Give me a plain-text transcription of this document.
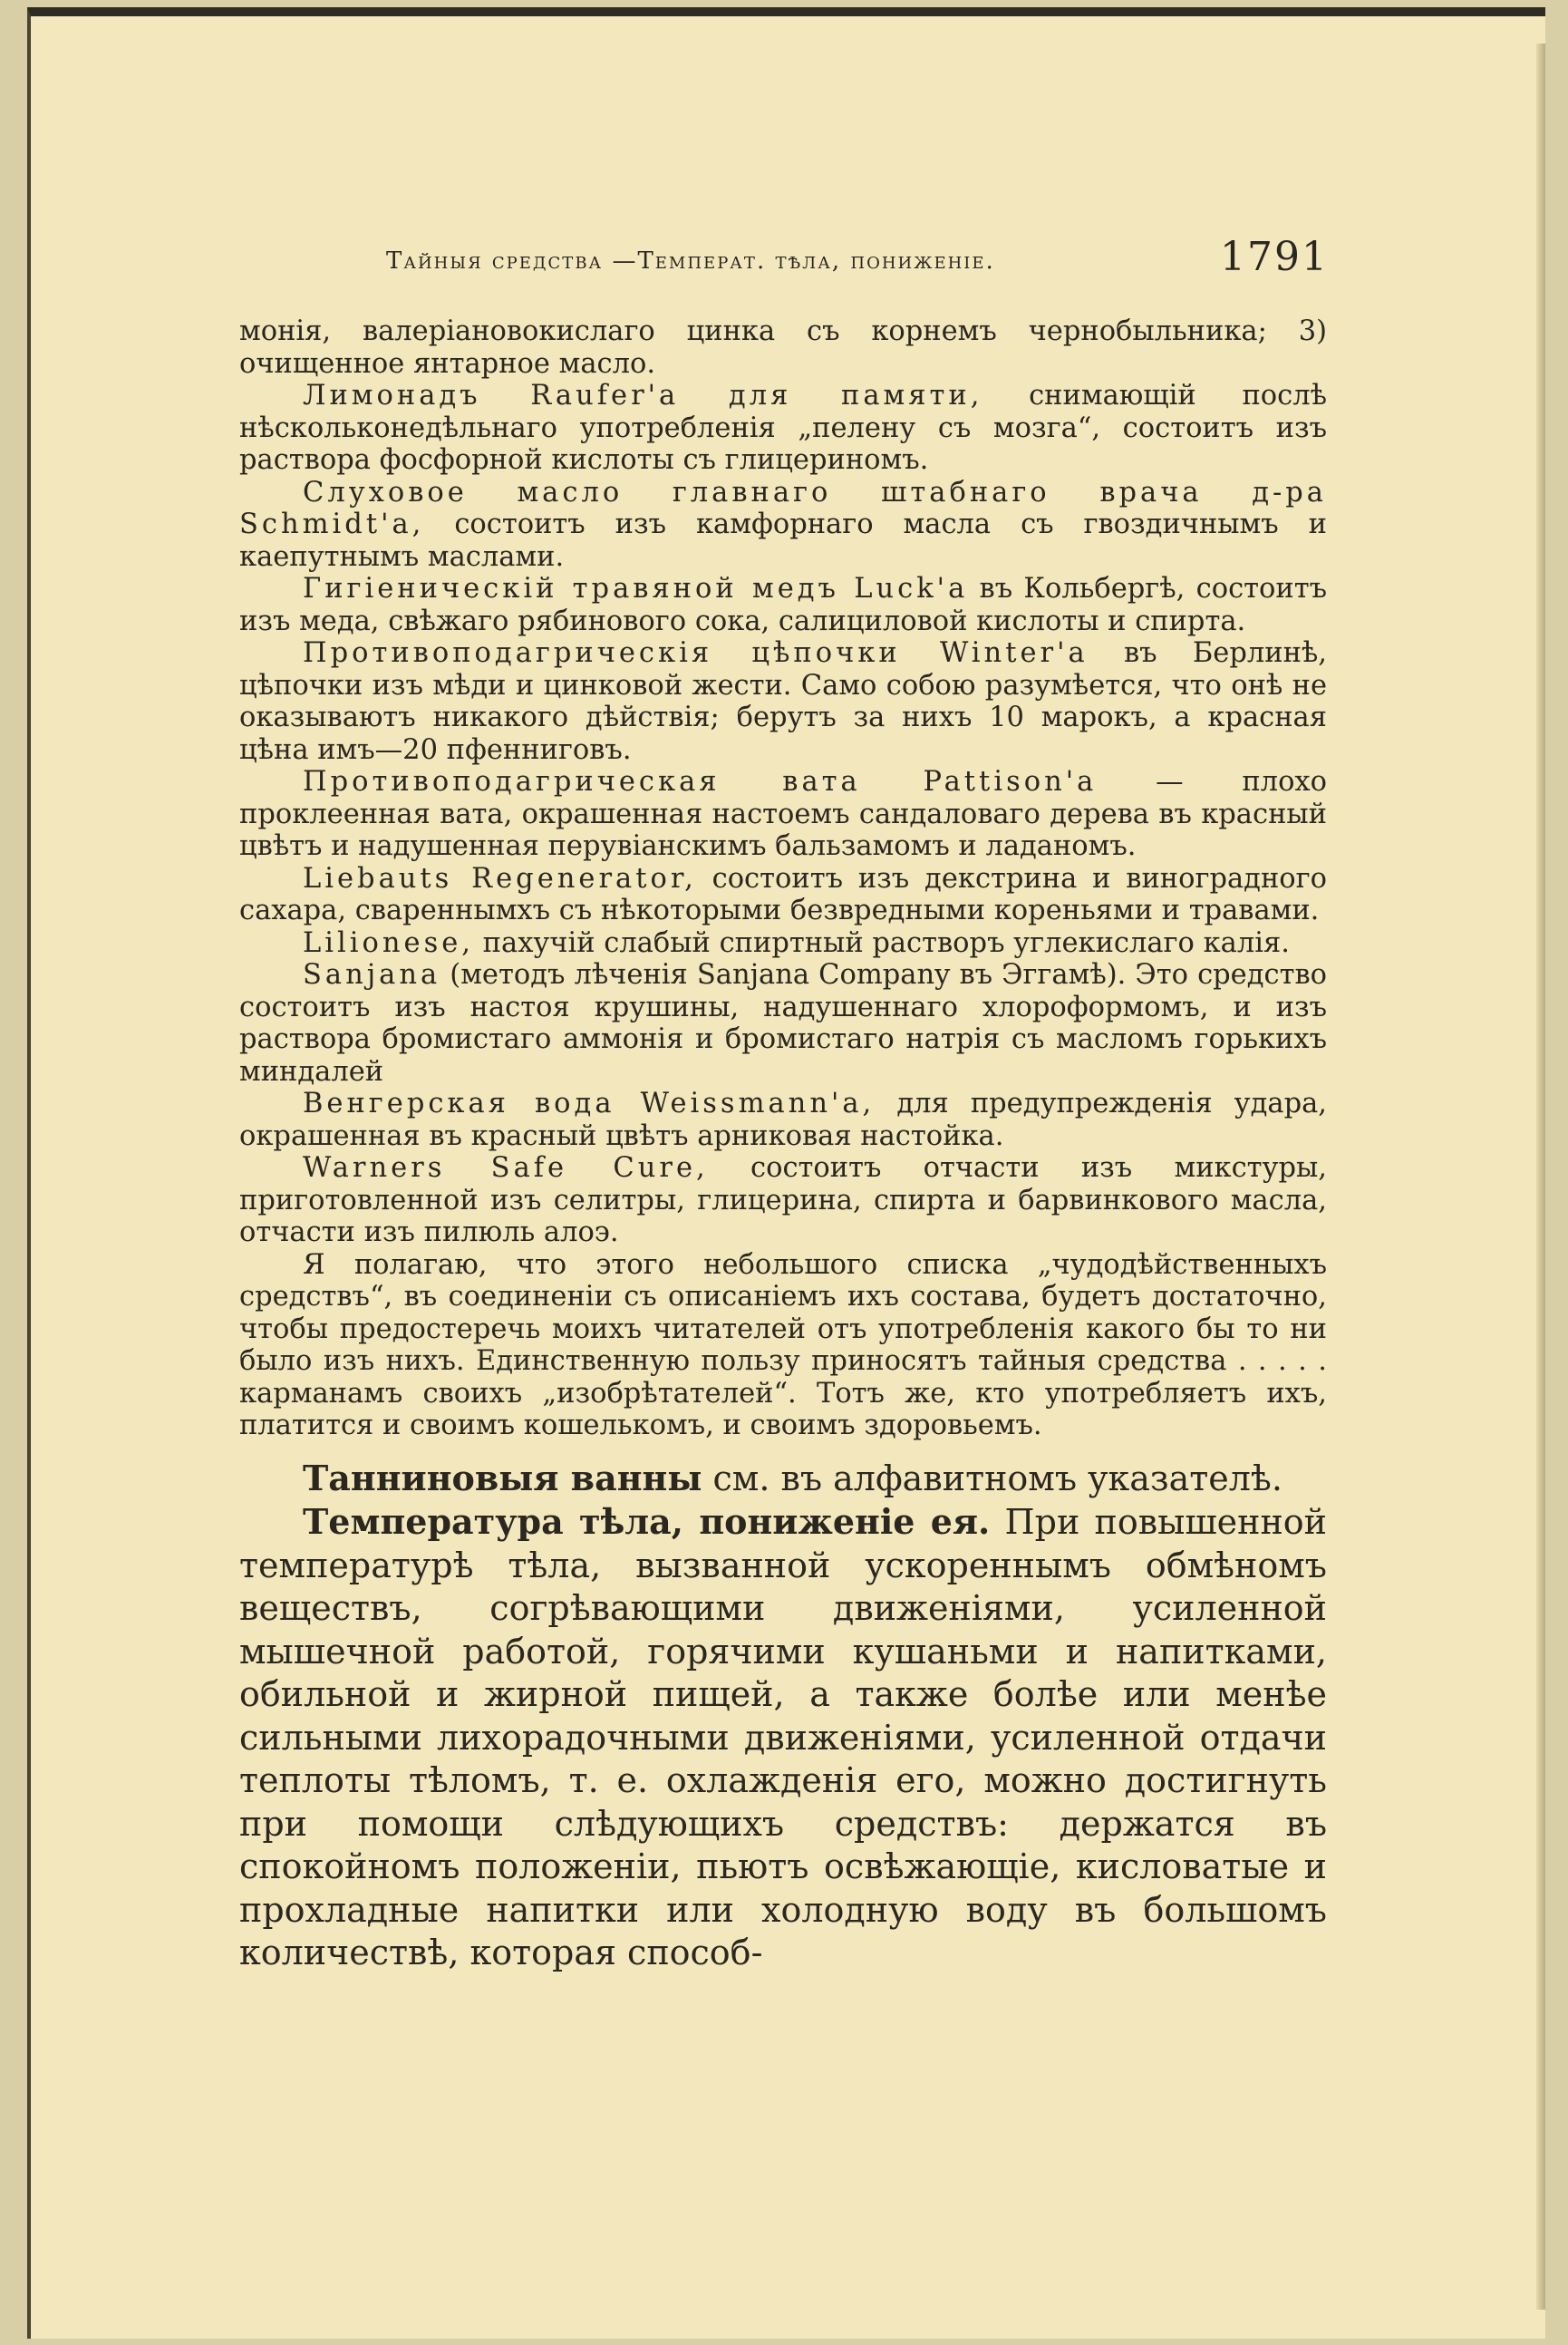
Тайныя средства —Температ. тѣла, пониженіе.	1791

монія, валеріановокислаго цинка съ корнемъ чернобыльника; 3) очищенное янтарное масло.

Лимонадъ Raufer'a для памяти, снимающій послѣ нѣскольконедѣльнаго употребленія „пелену съ мозга“, состоитъ изъ раствора фосфорной кислоты съ глицериномъ.

Слуховое масло главнаго штабнаго врача д-ра Schmidt'a, состоитъ изъ камфорнаго масла съ гвоздичнымъ и каепутнымъ маслами.

Гигіеническій травяной медъ Luck'a въ Кольбергѣ, состоитъ изъ меда, свѣжаго рябинового сока, салициловой кислоты и спирта.

Противоподагрическія цѣпочки Winter'a въ Берлинѣ, цѣпочки изъ мѣди и цинковой жести. Само собою разумѣется, что онѣ не оказываютъ никакого дѣйствія; берутъ за нихъ 10 марокъ, а красная цѣна имъ—20 пфенниговъ.

Противоподагрическая вата Pattison'a — плохо проклеенная вата, окрашенная настоемъ сандаловаго дерева въ красный цвѣтъ и надушенная перувіанскимъ бальзамомъ и ладаномъ.

Liebauts Regenerator, состоитъ изъ декстрина и виноградного сахара, свареннымхъ съ нѣкоторыми безвредными кореньями и травами.

Lilionese, пахучій слабый спиртный растворъ углекислаго калія.

Sanjana (методъ лѣченія Sanjana Company въ Эггамѣ). Это средство состоитъ изъ настоя крушины, надушеннаго хлороформомъ, и изъ раствора бромистаго аммонія и бромистаго натрія съ масломъ горькихъ миндалей

Венгерская вода Weissmann'a, для предупрежденія удара, окрашенная въ красный цвѣтъ арниковая настойка.

Warners Safe Cure, состоитъ отчасти изъ микстуры, приготовленной изъ селитры, глицерина, спирта и барвинкового масла, отчасти изъ пилюль алоэ.

Я полагаю, что этого небольшого списка „чудодѣйственныхъ средствъ“, въ соединеніи съ описаніемъ ихъ состава, будетъ достаточно, чтобы предостеречь моихъ читателей отъ употребленія какого бы то ни было изъ нихъ. Единственную пользу приносятъ тайныя средства . . . . . карманамъ своихъ „изобрѣтателей“. Тотъ же, кто употребляетъ ихъ, платится и своимъ кошелькомъ, и своимъ здоровьемъ.

Танниновыя ванны см. въ алфавитномъ указателѣ.

Температура тѣла, пониженіе ея. При повышенной температурѣ тѣла, вызванной ускореннымъ обмѣномъ веществъ, согрѣвающими движеніями, усиленной мышечной работой, горячими кушаньми и напитками, обильной и жирной пищей, а также болѣе или менѣе сильными лихорадочными движеніями, усиленной отдачи теплоты тѣломъ, т. е. охлажденія его, можно достигнуть при помощи слѣдующихъ средствъ: держатся въ спокойномъ положеніи, пьютъ освѣжающіе, кисловатые и прохладные напитки или холодную воду въ большомъ количествѣ, которая способ-
